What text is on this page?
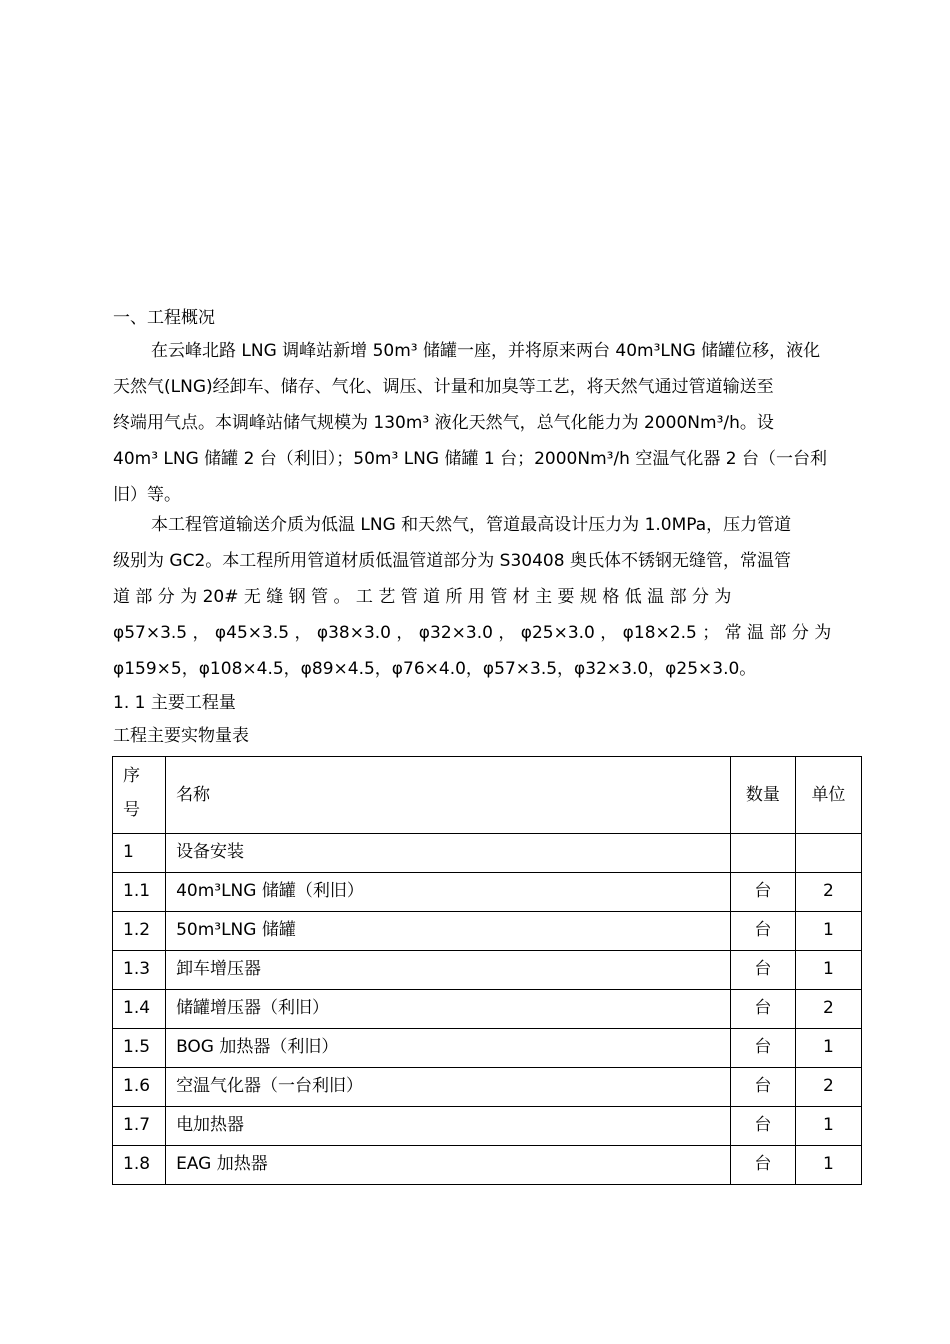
一、工程概况
在云峰北路 LNG 调峰站新增 50m³ 储罐一座，并将原来两台 40m³LNG 储罐位移，液化
天然气(LNG)经卸车、储存、气化、调压、计量和加臭等工艺，将天然气通过管道输送至
终端用气点。本调峰站储气规模为 130m³ 液化天然气，总气化能力为 2000Nm³/h。设
40m³ LNG 储罐 2 台（利旧）；50m³ LNG 储罐 1 台；2000Nm³/h 空温气化器 2 台（一台利
旧）等。
本工程管道输送介质为低温 LNG 和天然气，管道最高设计压力为 1.0MPa，压力管道
级别为 GC2。本工程所用管道材质低温管道部分为 S30408 奥氏体不锈钢无缝管，常温管
道 部 分 为 20# 无 缝 钢 管 。 工 艺 管 道 所 用 管 材 主 要 规 格 低 温 部 分 为
φ57×3.5 ， φ45×3.5 ， φ38×3.0 ， φ32×3.0 ， φ25×3.0 ， φ18×2.5 ； 常 温 部 分 为
φ159×5，φ108×4.5，φ89×4.5，φ76×4.0，φ57×3.5，φ32×3.0，φ25×3.0。
1. 1 主要工程量
工程主要实物量表
序
号	名称	数量	单位

1	设备安装		

1.1	40m³LNG 储罐（利旧）	台	2

1.2	50m³LNG 储罐	台	1

1.3	卸车增压器	台	1

1.4	储罐增压器（利旧）	台	2

1.5	BOG 加热器（利旧）	台	1

1.6	空温气化器（一台利旧）	台	2

1.7	电加热器	台	1

1.8	EAG 加热器	台	1
